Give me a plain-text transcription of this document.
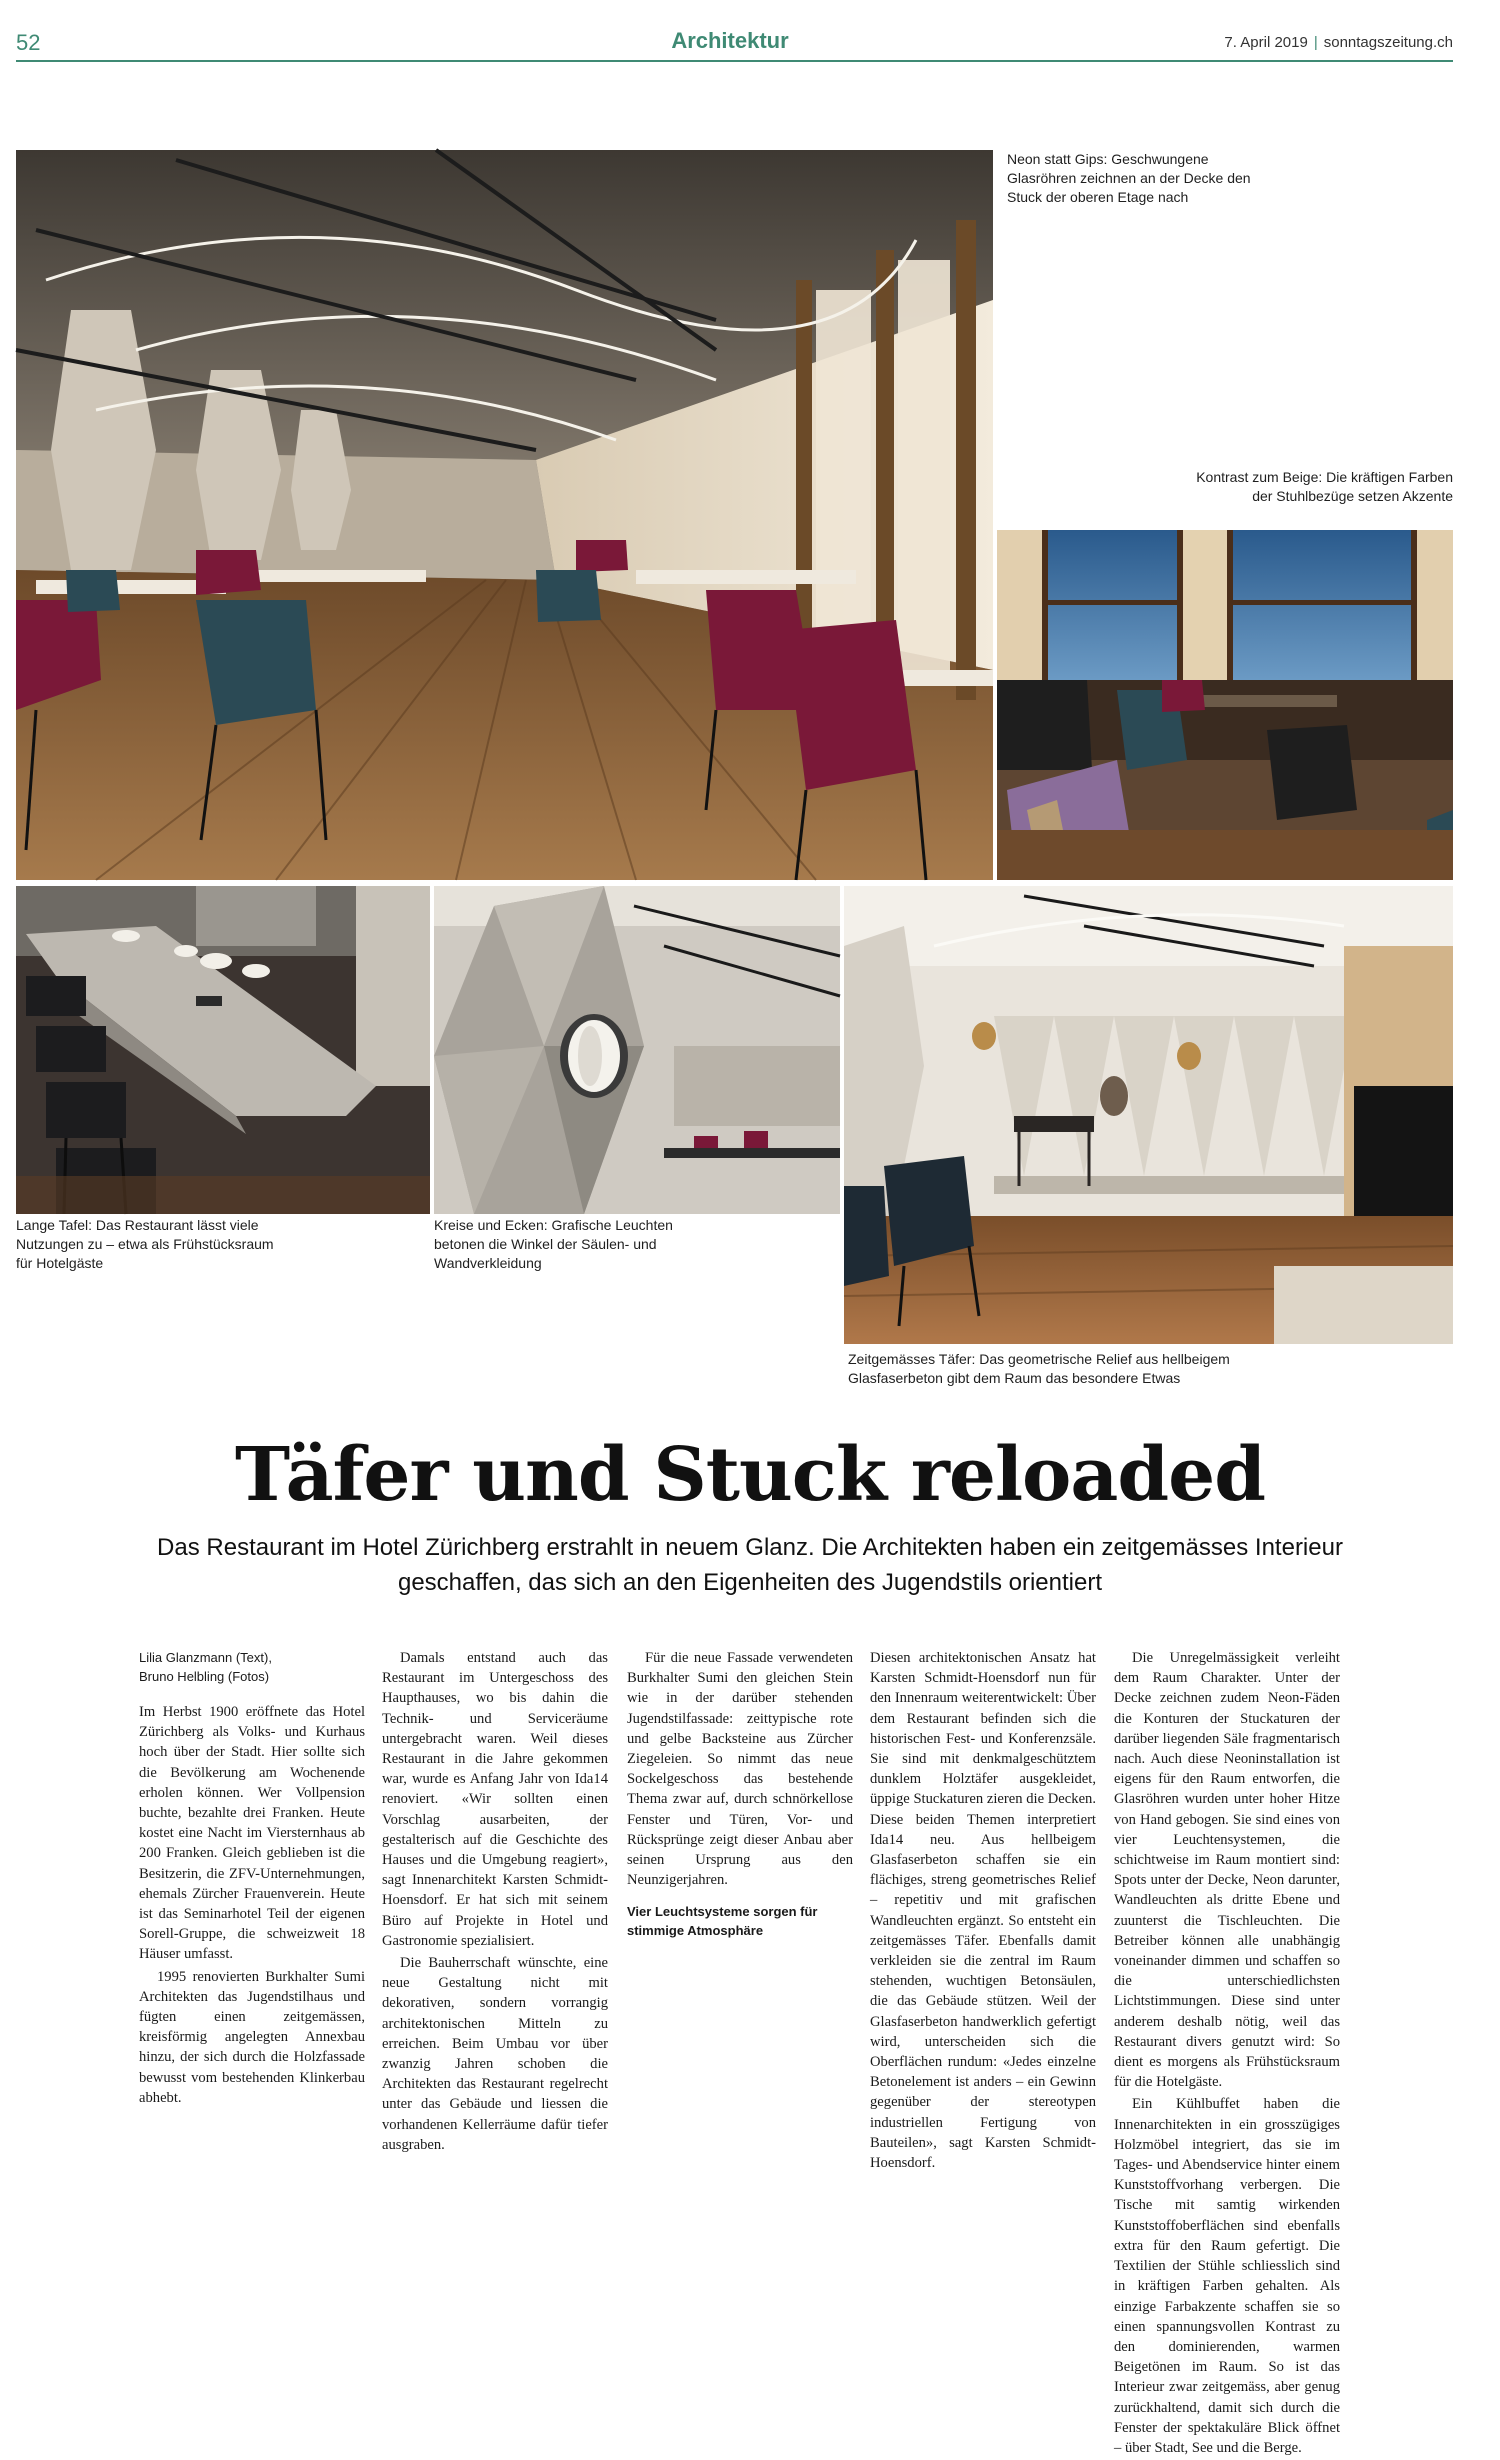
52	Architektur	7. April 2019 | sonntagszeitung.ch
Neon statt Gips: Geschwungene Glasröhren zeichnen an der Decke den Stuck der oberen Etage nach
Kontrast zum Beige: Die kräftigen Farben der Stuhlbezüge setzen Akzente
Lange Tafel: Das Restaurant lässt viele Nutzungen zu – etwa als Frühstücksraum für Hotelgäste
Kreise und Ecken: Grafische Leuchten betonen die Winkel der Säulen- und Wandverkleidung
Zeitgemässes Täfer: Das geometrische Relief aus hellbeigem Glasfaserbeton gibt dem Raum das besondere Etwas
Täfer und Stuck reloaded
Das Restaurant im Hotel Zürichberg erstrahlt in neuem Glanz. Die Architekten haben ein zeitgemässes Interieur geschaffen, das sich an den Eigenheiten des Jugendstils orientiert

Lilia Glanzmann (Text),
Bruno Helbling (Fotos)

Im Herbst 1900 eröffnete das Hotel Zürichberg als Volks- und Kurhaus hoch über der Stadt. Hier sollte sich die Bevölkerung am Wochenende erholen können. Wer Vollpension buchte, bezahlte drei Franken. Heute kostet eine Nacht im Viersternhaus ab 200 Franken. Gleich geblieben ist die Besitzerin, die ZFV-Unternehmungen, ehemals Zürcher Frauenverein. Heute ist das Seminarhotel Teil der eigenen Sorell-Gruppe, die schweizweit 18 Häuser umfasst.

1995 renovierten Burkhalter Sumi Architekten das Jugendstilhaus und fügten einen zeitgemässen, kreisförmig angelegten Annexbau hinzu, der sich durch die Holzfassade bewusst vom bestehenden Klinkerbau abhebt.

Damals entstand auch das Restaurant im Untergeschoss des Haupthauses, wo bis dahin die Technik- und Serviceräume untergebracht waren. Weil dieses Restaurant in die Jahre gekommen war, wurde es Anfang Jahr von Ida14 renoviert. «Wir sollten einen Vorschlag ausarbeiten, der gestalterisch auf die Geschichte des Hauses und die Umgebung reagiert», sagt Innenarchitekt Karsten Schmidt-Hoensdorf. Er hat sich mit seinem Büro auf Projekte in Hotel und Gastronomie spezialisiert.

Die Bauherrschaft wünschte, eine neue Gestaltung nicht mit dekorativen, sondern vorrangig architektonischen Mitteln zu erreichen. Beim Umbau vor über zwanzig Jahren schoben die Architekten das Restaurant regelrecht unter das Gebäude und liessen die vorhandenen Kellerräume dafür tiefer ausgraben.

Für die neue Fassade verwendeten Burkhalter Sumi den gleichen Stein wie in der darüber stehenden Jugendstilfassade: zeittypische rote und gelbe Backsteine aus Zürcher Ziegeleien. So nimmt das neue Sockelgeschoss das bestehende Thema zwar auf, durch schnörkellose Fenster und Türen, Vor- und Rücksprünge zeigt dieser Anbau aber seinen Ursprung aus den Neunzigerjahren.

Vier Leuchtsysteme sorgen für stimmige Atmosphäre

Diesen architektonischen Ansatz hat Karsten Schmidt-Hoensdorf nun für den Innenraum weiterentwickelt: Über dem Restaurant befinden sich die historischen Fest- und Konferenzsäle. Sie sind mit denkmalgeschütztem dunklem Holztäfer ausgekleidet, üppige Stuckaturen zieren die Decken. Diese beiden Themen interpretiert Ida14 neu. Aus hellbeigem Glasfaserbeton schaffen sie ein flächiges, streng geometrisches Relief – repetitiv und mit grafischen Wandleuchten ergänzt. So entsteht ein zeitgemässes Täfer. Ebenfalls damit verkleiden sie die zentral im Raum stehenden, wuchtigen Betonsäulen, die das Gebäude stützen. Weil der Glasfaserbeton handwerklich gefertigt wird, unterscheiden sich die Oberflächen rundum: «Jedes einzelne Betonelement ist anders – ein Gewinn gegenüber der stereotypen industriellen Fertigung von Bauteilen», sagt Karsten Schmidt-Hoensdorf.

Die Unregelmässigkeit verleiht dem Raum Charakter. Unter der Decke zeichnen zudem Neon-Fäden die Konturen der Stuckaturen der darüber liegenden Säle fragmentarisch nach. Auch diese Neoninstallation ist eigens für den Raum entworfen, die Glasröhren wurden unter hoher Hitze von Hand gebogen. Sie sind eines von vier Leuchtensystemen, die schichtweise im Raum montiert sind: Spots unter der Decke, Neon darunter, Wandleuchten als dritte Ebene und zuunterst die Tischleuchten. Die Betreiber können alle unabhängig voneinander dimmen und schaffen so die unterschiedlichsten Lichtstimmungen. Diese sind unter anderem deshalb nötig, weil das Restaurant divers genutzt wird: So dient es morgens als Frühstücksraum für die Hotelgäste.

Ein Kühlbuffet haben die Innenarchitekten in ein grosszügiges Holzmöbel integriert, das sie im Tages- und Abendservice hinter einem Kunststoffvorhang verbergen. Die Tische mit samtig wirkenden Kunststoffoberflächen sind ebenfalls extra für den Raum gefertigt. Die Textilien der Stühle schliesslich sind in kräftigen Farben gehalten. Als einzige Farbakzente schaffen sie so einen spannungsvollen Kontrast zu den dominierenden, warmen Beigetönen im Raum. So ist das Interieur zwar zeitgemäss, aber genug zurückhaltend, damit sich durch die Fenster der spektakuläre Blick öffnet – über Stadt, See und die Berge.
